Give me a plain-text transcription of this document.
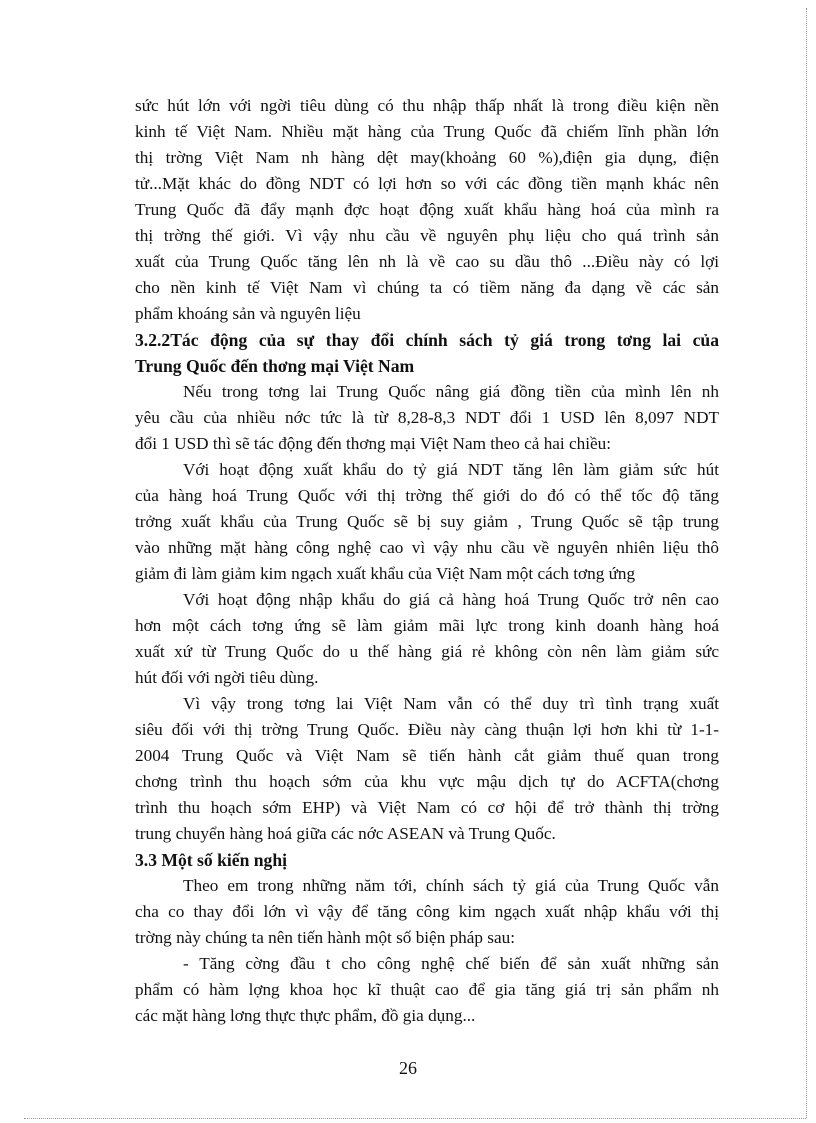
sức hút lớn với ngời tiêu dùng có thu nhập thấp nhất là trong điều kiện nền
kinh tế Việt Nam. Nhiều mặt hàng của Trung Quốc đã chiếm lĩnh phần lớn
thị trờng Việt Nam nh hàng dệt may(khoảng 60 %),điện gia dụng, điện
tử...Mặt khác do đồng NDT có lợi hơn so với các đồng tiền mạnh khác nên
Trung Quốc đã đẩy mạnh đợc hoạt động xuất khẩu hàng hoá của mình ra
thị trờng thế giới. Vì vậy nhu cầu về nguyên phụ liệu cho quá trình sản
xuất của Trung Quốc tăng lên nh là về cao su dầu thô ...Điều này có lợi
cho nền kinh tế Việt Nam vì chúng ta có tiềm năng đa dạng về các sản
phẩm khoáng sản và nguyên liệu
3.2.2Tác động của sự thay đổi chính sách tỷ giá trong tơng lai của
Trung Quốc đến thơng mại Việt Nam
Nếu trong tơng lai Trung Quốc nâng giá đồng tiền của mình lên nh
yêu cầu của nhiều nớc tức là từ 8,28-8,3 NDT đổi 1 USD lên 8,097 NDT
đổi 1 USD thì sẽ tác động đến thơng mại Việt Nam theo cả hai chiều:
Với hoạt động xuất khẩu do tỷ giá NDT tăng lên làm giảm sức hút
của hàng hoá Trung Quốc với thị trờng thế giới do đó có thể tốc độ tăng
trởng xuất khẩu của Trung Quốc sẽ bị suy giảm , Trung Quốc sẽ tập trung
vào những mặt hàng công nghệ cao vì vậy nhu cầu về nguyên nhiên liệu thô
giảm đi làm giảm kim ngạch xuất khẩu của Việt Nam một cách tơng ứng
Với hoạt động nhập khẩu do giá cả hàng hoá Trung Quốc trở nên cao
hơn một cách tơng ứng sẽ làm giảm mãi lực trong kinh doanh hàng hoá
xuất xứ từ Trung Quốc do u thế hàng giá rẻ không còn nên làm giảm sức
hút đối với ngời tiêu dùng.
Vì vậy trong tơng lai Việt Nam vẫn có thể duy trì tình trạng xuất
siêu đối với thị trờng Trung Quốc. Điều này càng thuận lợi hơn khi từ 1-1-
2004 Trung Quốc và Việt Nam sẽ tiến hành cắt giảm thuế quan trong
chơng trình thu hoạch sớm của khu vực mậu dịch tự do ACFTA(chơng
trình thu hoạch sớm EHP) và Việt Nam có cơ hội để trở thành thị trờng
trung chuyển hàng hoá giữa các nớc ASEAN và Trung Quốc.
3.3 Một số kiến nghị
Theo em trong những năm tới, chính sách tỷ giá của Trung Quốc vẫn
cha co thay đổi lớn vì vậy để tăng công kim ngạch xuất nhập khẩu với thị
trờng này chúng ta nên tiến hành một số biện pháp sau:
- Tăng cờng đầu t cho công nghệ chế biến để sản xuất những sản
phẩm có hàm lợng khoa học kĩ thuật cao để gia tăng giá trị sản phẩm nh
các mặt hàng lơng thực thực phẩm, đồ gia dụng...
26
